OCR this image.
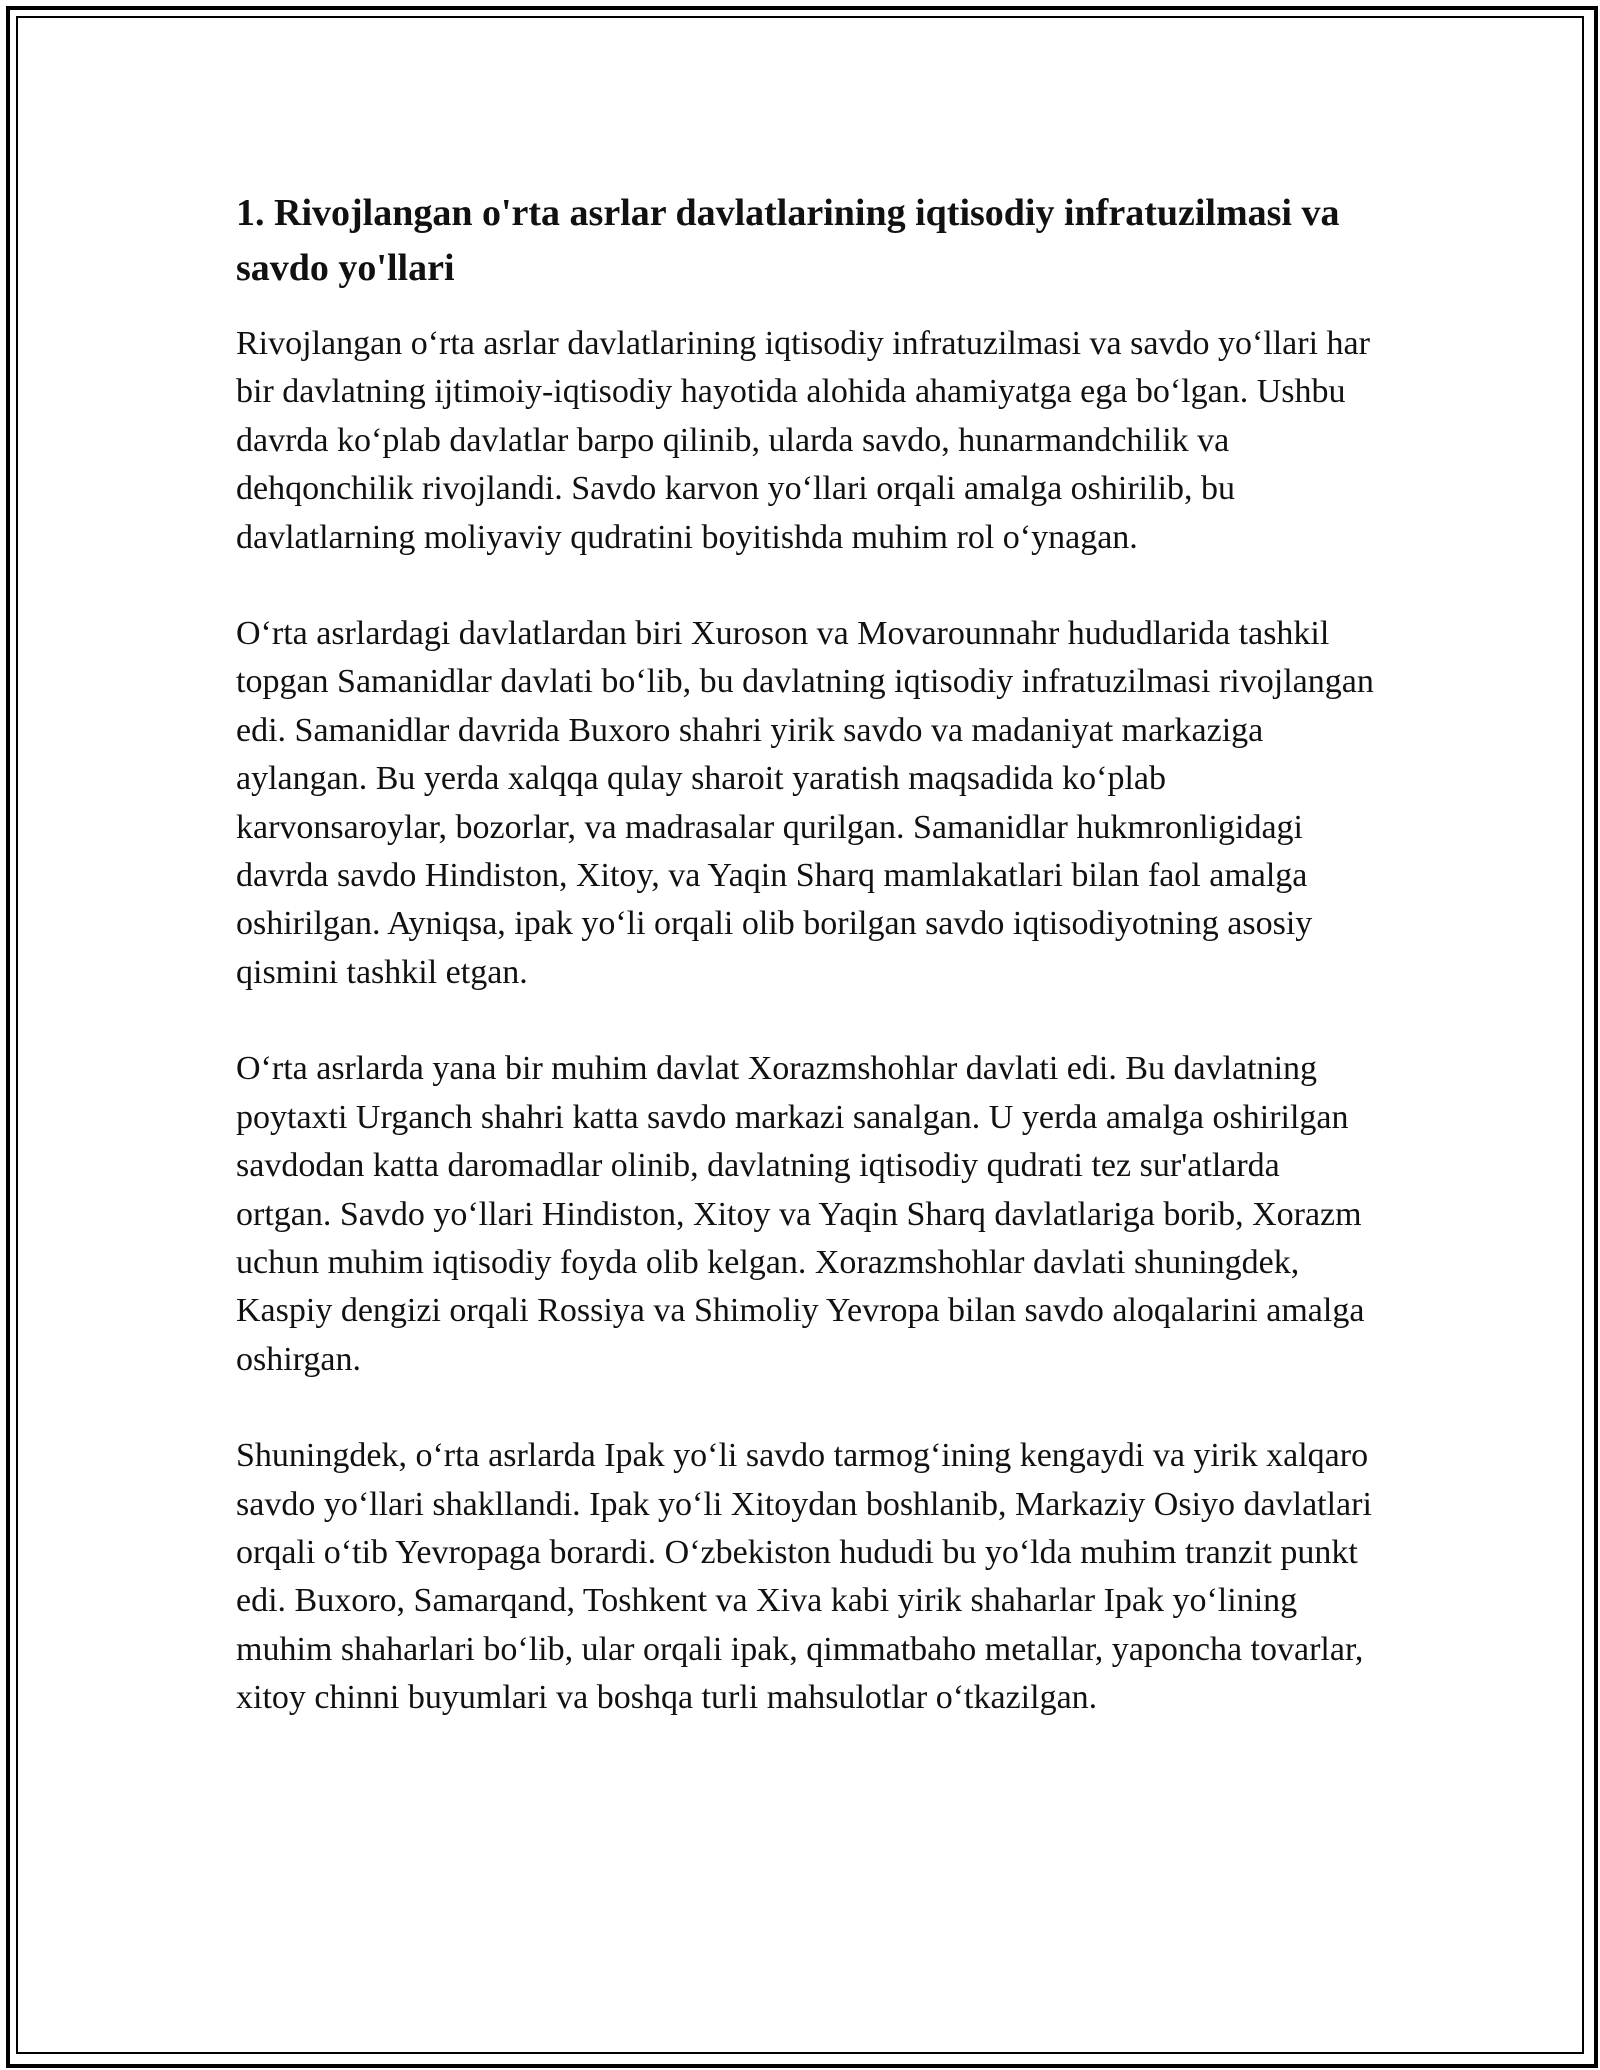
1. Rivojlangan o'rta asrlar davlatlarining iqtisodiy infratuzilmasi va savdo yo'llari

Rivojlangan o‘rta asrlar davlatlarining iqtisodiy infratuzilmasi va savdo yo‘llari har bir davlatning ijtimoiy-iqtisodiy hayotida alohida ahamiyatga ega bo‘lgan. Ushbu davrda ko‘plab davlatlar barpo qilinib, ularda savdo, hunarmandchilik va dehqonchilik rivojlandi. Savdo karvon yo‘llari orqali amalga oshirilib, bu davlatlarning moliyaviy qudratini boyitishda muhim rol o‘ynagan.

O‘rta asrlardagi davlatlardan biri Xuroson va Movarounnahr hududlarida tashkil topgan Samanidlar davlati bo‘lib, bu davlatning iqtisodiy infratuzilmasi rivojlangan edi. Samanidlar davrida Buxoro shahri yirik savdo va madaniyat markaziga aylangan. Bu yerda xalqqa qulay sharoit yaratish maqsadida ko‘plab karvonsaroylar, bozorlar, va madrasalar qurilgan. Samanidlar hukmronligidagi davrda savdo Hindiston, Xitoy, va Yaqin Sharq mamlakatlari bilan faol amalga oshirilgan. Ayniqsa, ipak yo‘li orqali olib borilgan savdo iqtisodiyotning asosiy qismini tashkil etgan.

O‘rta asrlarda yana bir muhim davlat Xorazmshohlar davlati edi. Bu davlatning poytaxti Urganch shahri katta savdo markazi sanalgan. U yerda amalga oshirilgan savdodan katta daromadlar olinib, davlatning iqtisodiy qudrati tez sur'atlarda ortgan. Savdo yo‘llari Hindiston, Xitoy va Yaqin Sharq davlatlariga borib, Xorazm uchun muhim iqtisodiy foyda olib kelgan. Xorazmshohlar davlati shuningdek, Kaspiy dengizi orqali Rossiya va Shimoliy Yevropa bilan savdo aloqalarini amalga oshirgan.

Shuningdek, o‘rta asrlarda Ipak yo‘li savdo tarmog‘ining kengaydi va yirik xalqaro savdo yo‘llari shakllandi. Ipak yo‘li Xitoydan boshlanib, Markaziy Osiyo davlatlari orqali o‘tib Yevropaga borardi. O‘zbekiston hududi bu yo‘lda muhim tranzit punkt edi. Buxoro, Samarqand, Toshkent va Xiva kabi yirik shaharlar Ipak yo‘lining muhim shaharlari bo‘lib, ular orqali ipak, qimmatbaho metallar, yaponcha tovarlar, xitoy chinni buyumlari va boshqa turli mahsulotlar o‘tkazilgan.
